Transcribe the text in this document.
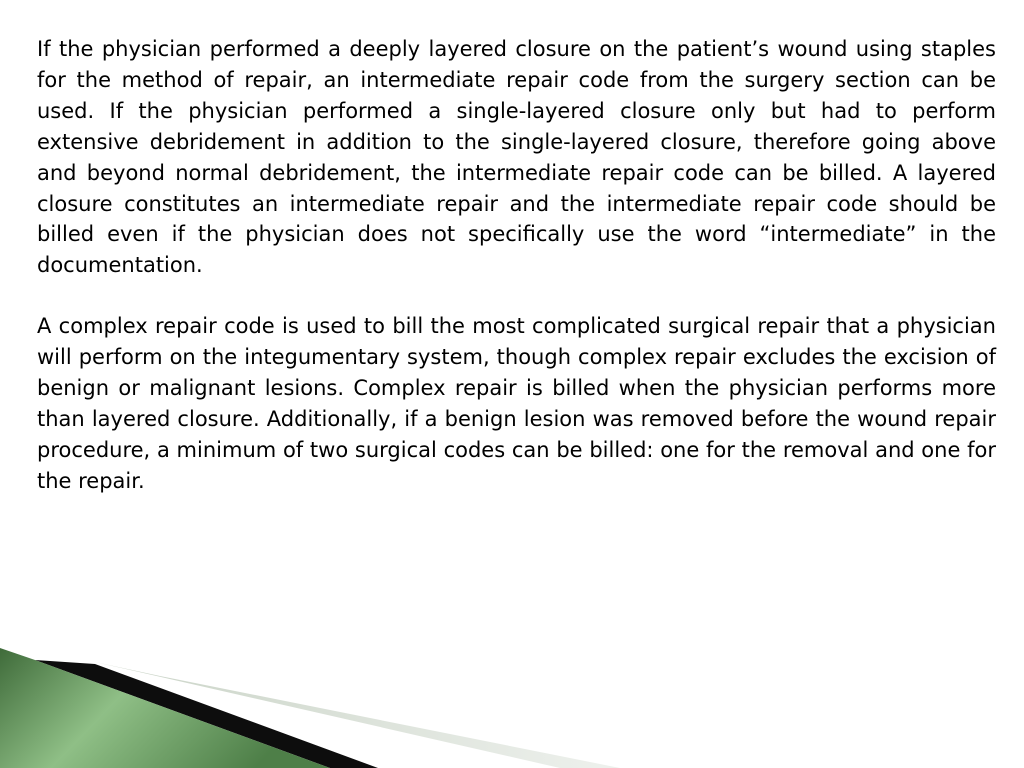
If the physician performed a deeply layered closure on the patient’s wound using staples for the method of repair, an intermediate repair code from the surgery section can be used. If the physician performed a single-layered closure only but had to perform extensive debridement in addition to the single-layered closure, therefore going above and beyond normal debridement, the intermediate repair code can be billed. A layered closure constitutes an intermediate repair and the intermediate repair code should be billed even if the physician does not specifically use the word “intermediate” in the documentation.

A complex repair code is used to bill the most complicated surgical repair that a physician will perform on the integumentary system, though complex repair excludes the excision of benign or malignant lesions. Complex repair is billed when the physician performs more than layered closure. Additionally, if a benign lesion was removed before the wound repair procedure, a minimum of two surgical codes can be billed: one for the removal and one for the repair.
